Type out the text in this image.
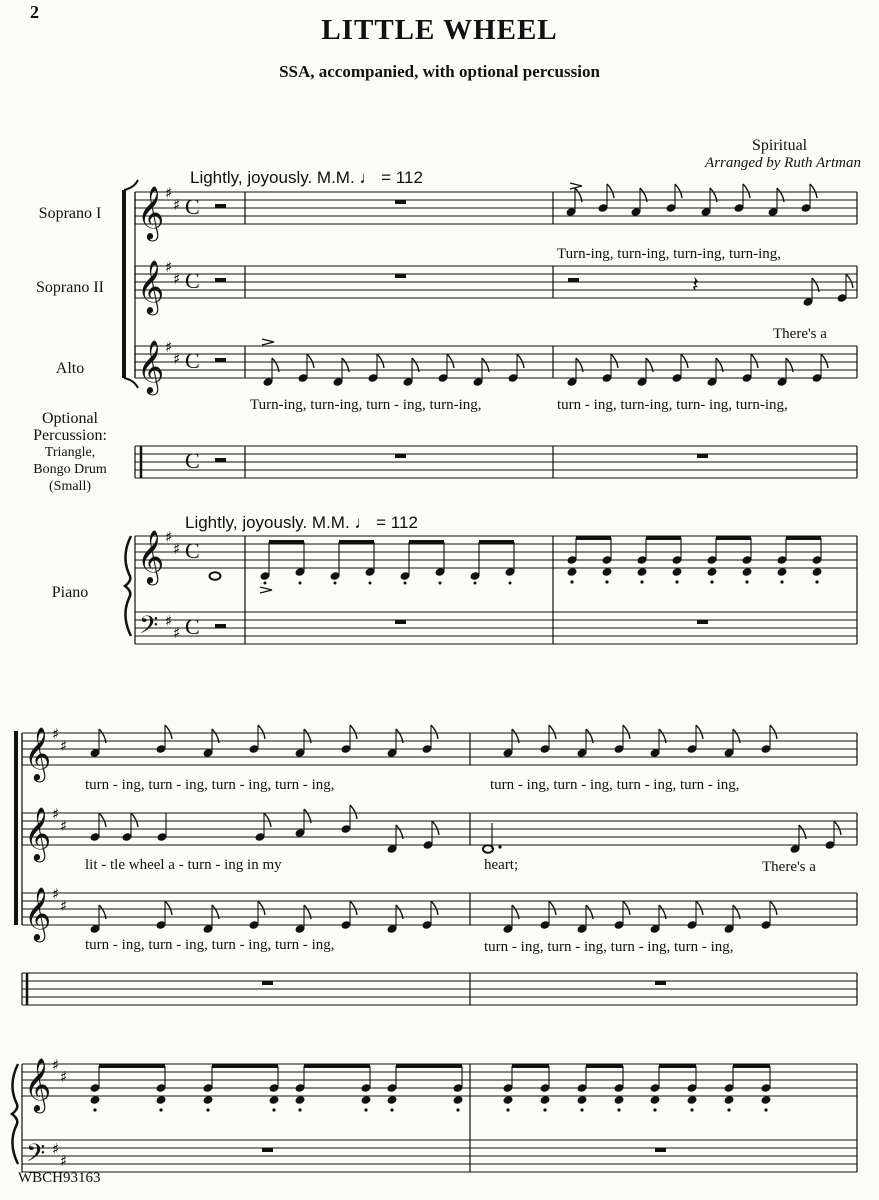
2
LITTLE WHEEL
SSA, accompanied, with optional percussion
Spiritual
Arranged by Ruth Artman
Lightly, joyously. M.M. ♩ = 112
Lightly, joyously. M.M. ♩ = 112
Soprano I
Soprano II
Alto
Optional
Percussion:
Triangle,
Bongo Drum
(Small)
Piano
Turn-ing, turn-ing, turn-ing, turn-ing,
There's a
Turn-ing, turn-ing, turn - ing, turn-ing,	turn - ing, turn-ing, turn- ing, turn-ing,
turn - ing, turn - ing, turn - ing, turn - ing,	turn - ing, turn - ing, turn - ing, turn - ing,
lit - tle wheel a - turn - ing in my	heart;	There's a
turn - ing, turn - ing, turn - ing, turn - ing,	turn - ing, turn - ing, turn - ing, turn - ing,
WBCH93163
𝄞 ♯
♯ C
𝄞 ♯
♯ C
𝄞 ♯
♯ C
𝄽
C
𝄞 ♯
♯ C
𝄢 ♯
♯ C
𝄞 ♯
♯
𝄞 ♯
♯
𝄞 ♯
♯
𝄞 ♯
♯
𝄢 ♯
♯
